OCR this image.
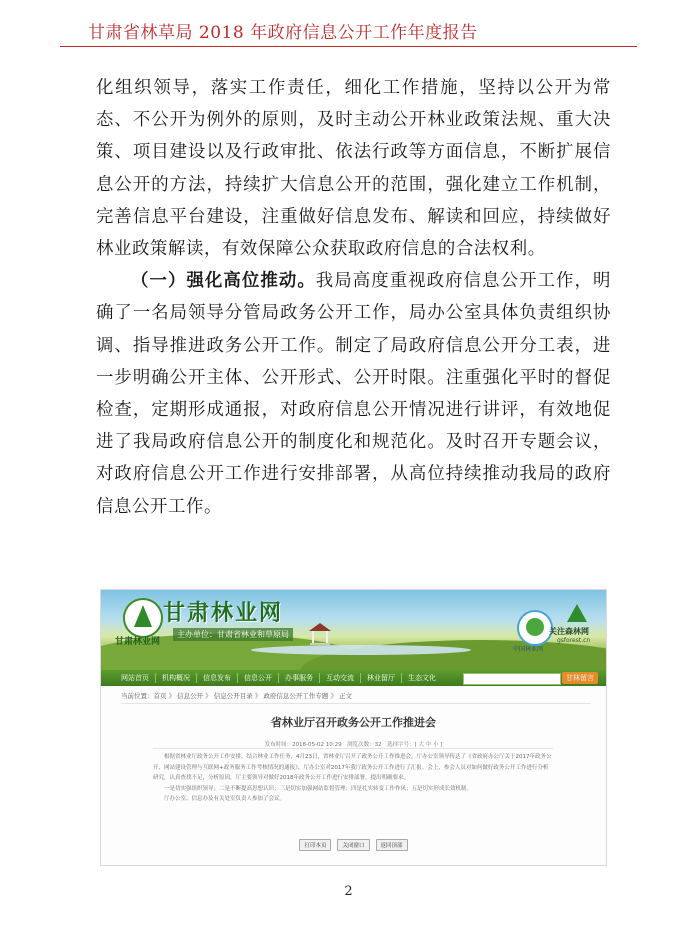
甘肃省林草局 2018 年政府信息公开工作年度报告

化组织领导，落实工作责任，细化工作措施，坚持以公开为常态、不公开为例外的原则，及时主动公开林业政策法规、重大决策、项目建设以及行政审批、依法行政等方面信息，不断扩展信息公开的方法，持续扩大信息公开的范围，强化建立工作机制，完善信息平台建设，注重做好信息发布、解读和回应，持续做好林业政策解读，有效保障公众获取政府信息的合法权利。

（一）强化高位推动。我局高度重视政府信息公开工作，明确了一名局领导分管局政务公开工作，局办公室具体负责组织协调、指导推进政务公开工作。制定了局政府信息公开分工表，进一步明确公开主体、公开形式、公开时限。注重强化平时的督促检查，定期形成通报，对政府信息公开情况进行讲评，有效地促进了我局政府信息公开的制度化和规范化。及时召开专题会议，对政府信息公开工作进行安排部署，从高位持续推动我局的政府信息公开工作。

甘肃林业网
甘肃林业网
主办单位：甘肃省林业和草原局
中国林业网
关注森林网
gsforest.cn
网站首页	机构概况	信息发布	信息公开	办事服务	互动交流	林业留厅	生态文化	甘林留言
当前位置：首页 》 信息公开 》 信息公开目录 》 政府信息公开工作专题 》 正文
省林业厅召开政务公开工作推进会
发布时间：2018-05-02 10:29　浏览次数：32　选择字号：[ 大 中 小 ]

根据省林业厅政务公开工作安排，结合林业工作任务，4月23日，省林业厅召开了政务公开工作推进会，厅办公室领导传达了《省政府办公厅关于2017年政务公开、网站建设管理与互联网+政务服务工作考核情况的通报》，厅办公室对2017年我厅政务公开工作进行了汇报。会上，参会人员对如何做好政务公开工作进行分析研究，认真查找不足，分析原因，厅主要领导对做好2018年政务公开工作进行安排部署，提出明确要求。

一是切实强组织领导；二是不断提高思想认识；三是切实加强网站监督管理；四是扎实转变工作作风；五是切实形成长效机制。

厅办公室、信息办及有关处室负责人参加了会议。

打印本页	关闭窗口	返回顶部
2
